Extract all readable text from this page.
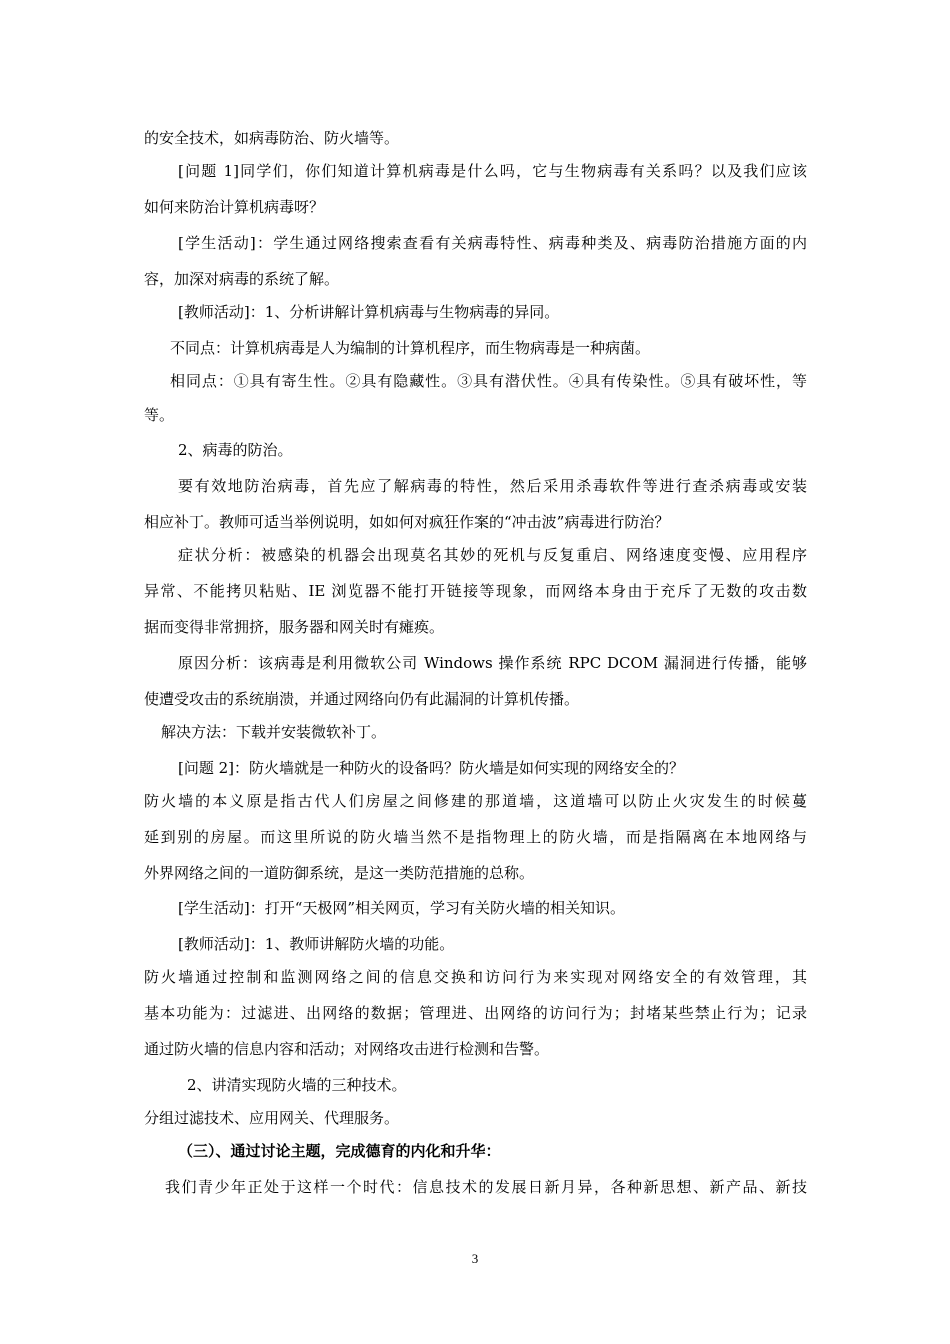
的安全技术，如病毒防治、防火墙等。
[问题 1]同学们，你们知道计算机病毒是什么吗，它与生物病毒有关系吗？以及我们应该
如何来防治计算机病毒呀？
[学生活动]：学生通过网络搜索查看有关病毒特性、病毒种类及、病毒防治措施方面的内
容，加深对病毒的系统了解。
[教师活动]：1、分析讲解计算机病毒与生物病毒的异同。
不同点：计算机病毒是人为编制的计算机程序，而生物病毒是一种病菌。
相同点：①具有寄生性。②具有隐藏性。③具有潜伏性。④具有传染性。⑤具有破坏性，等
等。
2、病毒的防治。
要有效地防治病毒，首先应了解病毒的特性，然后采用杀毒软件等进行查杀病毒或安装
相应补丁。教师可适当举例说明，如如何对疯狂作案的“冲击波”病毒进行防治？
症状分析：被感染的机器会出现莫名其妙的死机与反复重启、网络速度变慢、应用程序
异常、不能拷贝粘贴、IE 浏览器不能打开链接等现象，而网络本身由于充斥了无数的攻击数
据而变得非常拥挤，服务器和网关时有瘫痪。
原因分析：该病毒是利用微软公司 Windows 操作系统 RPC DCOM 漏洞进行传播，能够
使遭受攻击的系统崩溃，并通过网络向仍有此漏洞的计算机传播。
解决方法：下载并安装微软补丁。
[问题 2]：防火墙就是一种防火的设备吗？防火墙是如何实现的网络安全的？
防火墙的本义原是指古代人们房屋之间修建的那道墙，这道墙可以防止火灾发生的时候蔓
延到别的房屋。而这里所说的防火墙当然不是指物理上的防火墙，而是指隔离在本地网络与
外界网络之间的一道防御系统，是这一类防范措施的总称。
[学生活动]：打开“天极网”相关网页，学习有关防火墙的相关知识。
[教师活动]：1、教师讲解防火墙的功能。
防火墙通过控制和监测网络之间的信息交换和访问行为来实现对网络安全的有效管理，其
基本功能为：过滤进、出网络的数据；管理进、出网络的访问行为；封堵某些禁止行为；记录
通过防火墙的信息内容和活动；对网络攻击进行检测和告警。
2、讲清实现防火墙的三种技术。
分组过滤技术、应用网关、代理服务。
（三）、通过讨论主题，完成德育的内化和升华：
我们青少年正处于这样一个时代：信息技术的发展日新月异，各种新思想、新产品、新技
3
